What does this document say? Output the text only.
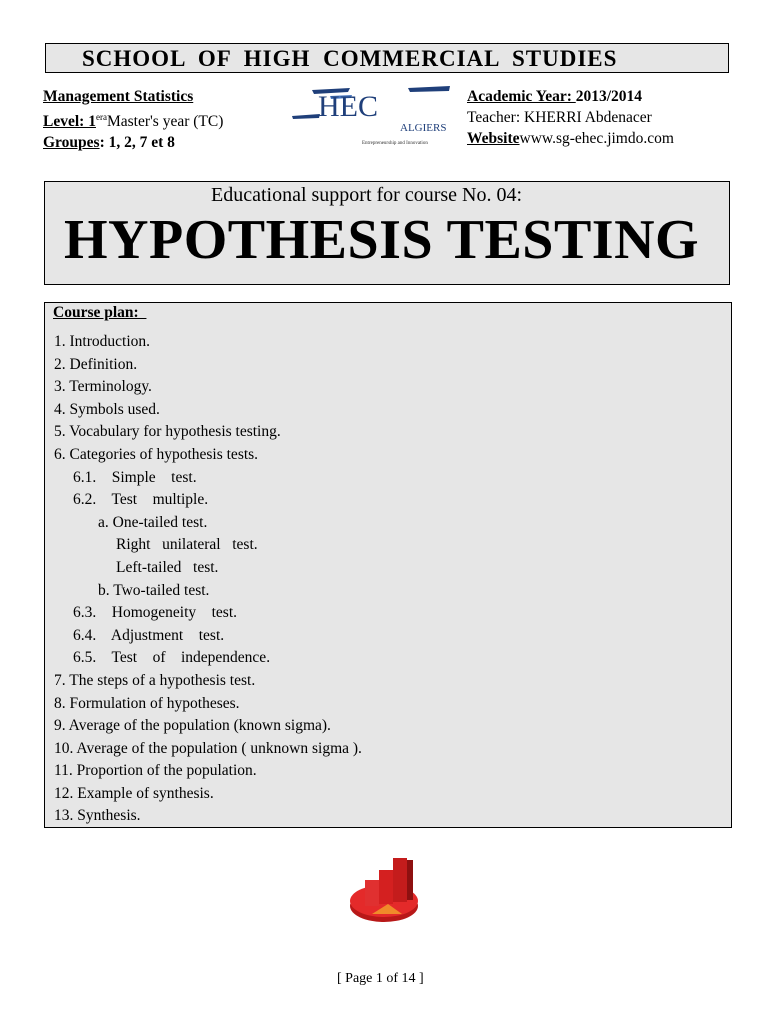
SCHOOL OF HIGH COMMERCIAL STUDIES
Management Statistics
Level: $1^{era}Master's$ year (TC)
Groupes: 1, 2, 7 et 8
HEC
ALGIERS
Entrepreneurship and Innovation
Academic Year: 2013/2014
Teacher: KHERRI Abdenacer
Websitewww.sg-ehec.jimdo.com
Educational support for course No. 04:
HYPOTHESIS TESTING
Course plan:
1. Introduction.
2. Definition.
3. Terminology.
4. Symbols used.
5. Vocabulary for hypothesis testing.
6. Categories of hypothesis tests.
6.1.    Simple    test.
6.2.    Test    multiple.
a. One-tailed test.
Right   unilateral   test.
Left-tailed   test.
b. Two-tailed test.
6.3.    Homogeneity    test.
6.4.    Adjustment    test.
6.5.    Test    of    independence.
7. The steps of a hypothesis test.
8. Formulation of hypotheses.
9. Average of the population (known sigma).
10. Average of the population ( unknown sigma ).
11. Proportion of the population.
12. Example of synthesis.
13. Synthesis.
[ Page 1 of 14 ]
